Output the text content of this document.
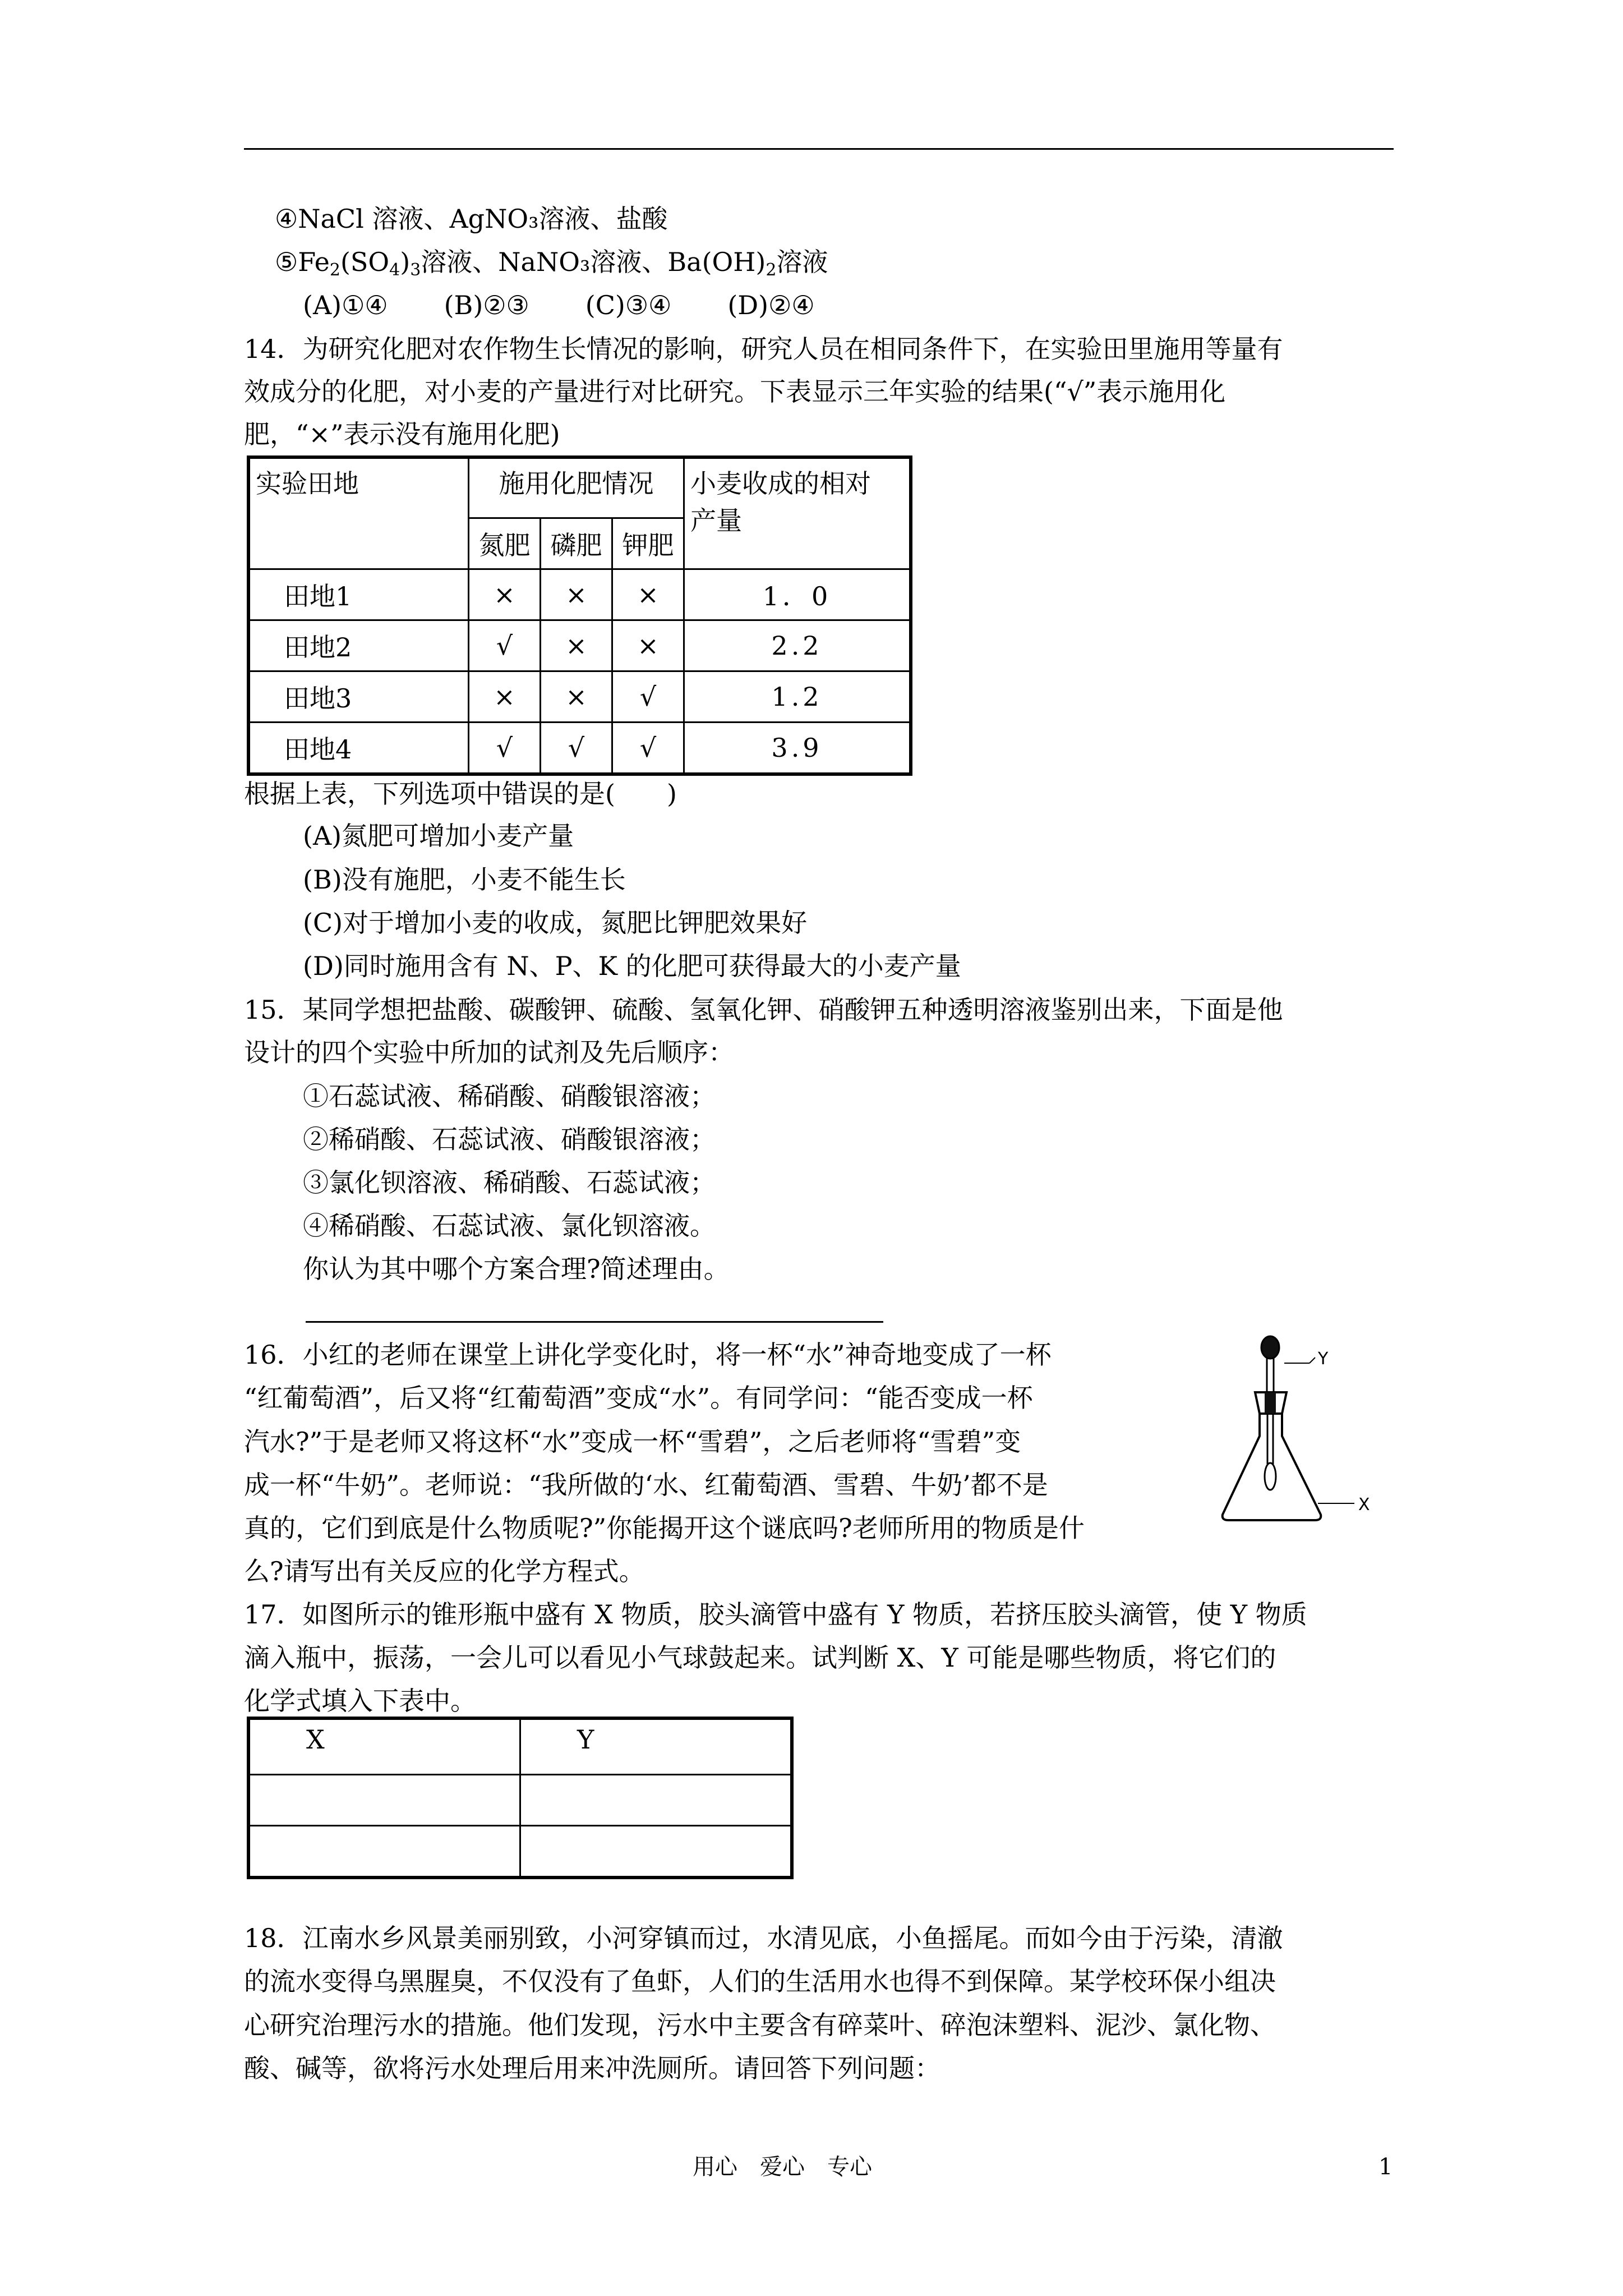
④NaCl 溶液、AgNO₃溶液、盐酸
$⑤Fe_2(SO_4)_3$溶液、NaNO₃溶液、$Ba(OH)_2$溶液
(A)①④ (B)②③ (C)③④ (D)②④
14．为研究化肥对农作物生长情况的影响，研究人员在相同条件下，在实验田里施用等量有
效成分的化肥，对小麦的产量进行对比研究。下表显示三年实验的结果(“√”表示施用化
肥，“×”表示没有施用化肥)
实验田地	施用化肥情况			小麦收成的相对
产量
	氮肥	磷肥	钾肥	
田地1	×	×	×	1．0
田地2	√	×	×	2.2
田地3	×	×	√	1.2
田地4	√	√	√	3.9
根据上表，下列选项中错误的是(　　)
(A)氮肥可增加小麦产量
(B)没有施肥，小麦不能生长
(C)对于增加小麦的收成，氮肥比钾肥效果好
(D)同时施用含有 N、P、K 的化肥可获得最大的小麦产量
15．某同学想把盐酸、碳酸钾、硫酸、氢氧化钾、硝酸钾五种透明溶液鉴别出来，下面是他
设计的四个实验中所加的试剂及先后顺序：
①石蕊试液、稀硝酸、硝酸银溶液；
②稀硝酸、石蕊试液、硝酸银溶液；
③氯化钡溶液、稀硝酸、石蕊试液；
④稀硝酸、石蕊试液、氯化钡溶液。
你认为其中哪个方案合理?简述理由。
16．小红的老师在课堂上讲化学变化时，将一杯“水”神奇地变成了一杯
“红葡萄酒”，后又将“红葡萄酒”变成“水”。有同学问：“能否变成一杯
汽水?”于是老师又将这杯“水”变成一杯“雪碧”，之后老师将“雪碧”变
成一杯“牛奶”。老师说：“我所做的‘水、红葡萄酒、雪碧、牛奶’都不是
真的，它们到底是什么物质呢?”你能揭开这个谜底吗?老师所用的物质是什
么?请写出有关反应的化学方程式。
Y
X
17．如图所示的锥形瓶中盛有 X 物质，胶头滴管中盛有 Y 物质，若挤压胶头滴管，使 Y 物质
滴入瓶中，振荡，一会儿可以看见小气球鼓起来。试判断 X、Y 可能是哪些物质，将它们的
化学式填入下表中。
X	Y

18．江南水乡风景美丽别致，小河穿镇而过，水清见底，小鱼摇尾。而如今由于污染，清澈
的流水变得乌黑腥臭，不仅没有了鱼虾，人们的生活用水也得不到保障。某学校环保小组决
心研究治理污水的措施。他们发现，污水中主要含有碎菜叶、碎泡沫塑料、泥沙、氯化物、
酸、碱等，欲将污水处理后用来冲洗厕所。请回答下列问题：
用心　爱心　专心	1
